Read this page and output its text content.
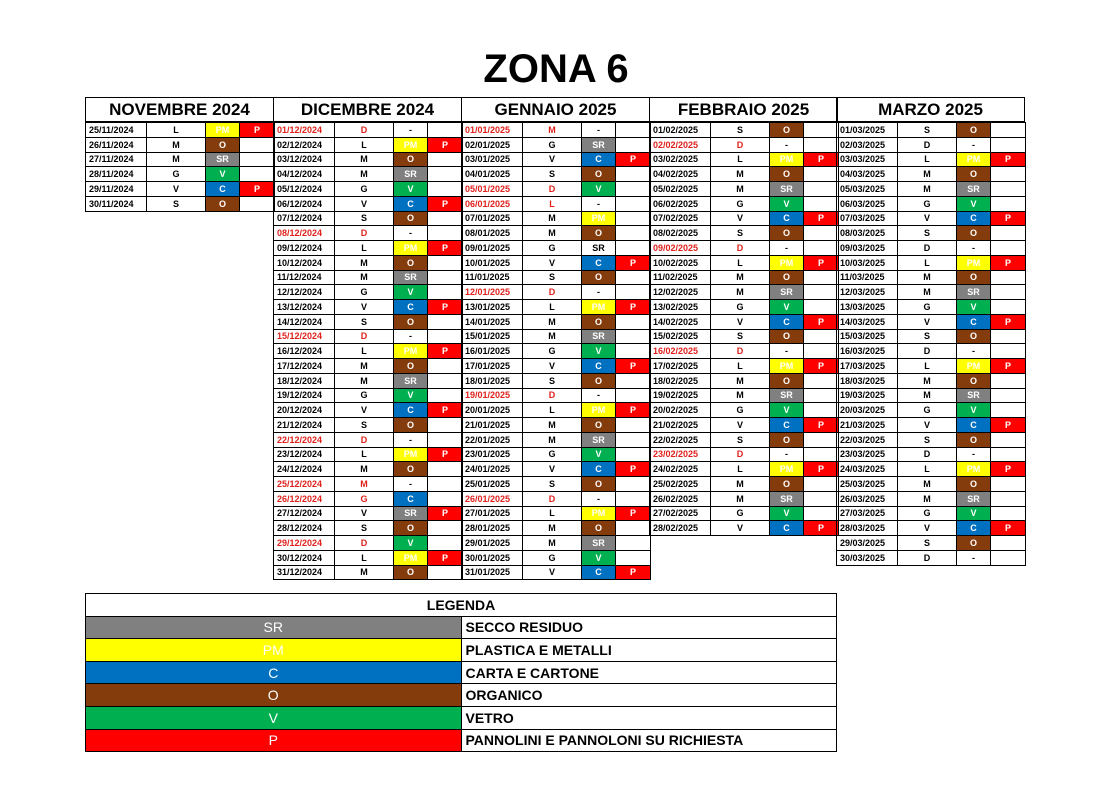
ZONA 6
NOVEMBRE 2024
25/11/2024	L	PM	P
26/11/2024	M	O	
27/11/2024	M	SR	
28/11/2024	G	V	
29/11/2024	V	C	P
30/11/2024	S	O	
DICEMBRE 2024
01/12/2024	D	-	
02/12/2024	L	PM	P
03/12/2024	M	O	
04/12/2024	M	SR	
05/12/2024	G	V	
06/12/2024	V	C	P
07/12/2024	S	O	
08/12/2024	D	-	
09/12/2024	L	PM	P
10/12/2024	M	O	
11/12/2024	M	SR	
12/12/2024	G	V	
13/12/2024	V	C	P
14/12/2024	S	O	
15/12/2024	D	-	
16/12/2024	L	PM	P
17/12/2024	M	O	
18/12/2024	M	SR	
19/12/2024	G	V	
20/12/2024	V	C	P
21/12/2024	S	O	
22/12/2024	D	-	
23/12/2024	L	PM	P
24/12/2024	M	O	
25/12/2024	M	-	
26/12/2024	G	C	
27/12/2024	V	SR	P
28/12/2024	S	O	
29/12/2024	D	V	
30/12/2024	L	PM	P
31/12/2024	M	O	
GENNAIO 2025
01/01/2025	M	-	
02/01/2025	G	SR	
03/01/2025	V	C	P
04/01/2025	S	O	
05/01/2025	D	V	
06/01/2025	L	-	
07/01/2025	M	PM	
08/01/2025	M	O	
09/01/2025	G	SR	
10/01/2025	V	C	P
11/01/2025	S	O	
12/01/2025	D	-	
13/01/2025	L	PM	P
14/01/2025	M	O	
15/01/2025	M	SR	
16/01/2025	G	V	
17/01/2025	V	C	P
18/01/2025	S	O	
19/01/2025	D	-	
20/01/2025	L	PM	P
21/01/2025	M	O	
22/01/2025	M	SR	
23/01/2025	G	V	
24/01/2025	V	C	P
25/01/2025	S	O	
26/01/2025	D	-	
27/01/2025	L	PM	P
28/01/2025	M	O	
29/01/2025	M	SR	
30/01/2025	G	V	
31/01/2025	V	C	P
FEBBRAIO 2025
01/02/2025	S	O	
02/02/2025	D	-	
03/02/2025	L	PM	P
04/02/2025	M	O	
05/02/2025	M	SR	
06/02/2025	G	V	
07/02/2025	V	C	P
08/02/2025	S	O	
09/02/2025	D	-	
10/02/2025	L	PM	P
11/02/2025	M	O	
12/02/2025	M	SR	
13/02/2025	G	V	
14/02/2025	V	C	P
15/02/2025	S	O	
16/02/2025	D	-	
17/02/2025	L	PM	P
18/02/2025	M	O	
19/02/2025	M	SR	
20/02/2025	G	V	
21/02/2025	V	C	P
22/02/2025	S	O	
23/02/2025	D	-	
24/02/2025	L	PM	P
25/02/2025	M	O	
26/02/2025	M	SR	
27/02/2025	G	V	
28/02/2025	V	C	P
MARZO 2025
01/03/2025	S	O	
02/03/2025	D	-	
03/03/2025	L	PM	P
04/03/2025	M	O	
05/03/2025	M	SR	
06/03/2025	G	V	
07/03/2025	V	C	P
08/03/2025	S	O	
09/03/2025	D	-	
10/03/2025	L	PM	P
11/03/2025	M	O	
12/03/2025	M	SR	
13/03/2025	G	V	
14/03/2025	V	C	P
15/03/2025	S	O	
16/03/2025	D	-	
17/03/2025	L	PM	P
18/03/2025	M	O	
19/03/2025	M	SR	
20/03/2025	G	V	
21/03/2025	V	C	P
22/03/2025	S	O	
23/03/2025	D	-	
24/03/2025	L	PM	P
25/03/2025	M	O	
26/03/2025	M	SR	
27/03/2025	G	V	
28/03/2025	V	C	P
29/03/2025	S	O	
30/03/2025	D	-	
LEGENDA	
SR	SECCO RESIDUO
PM	PLASTICA E METALLI
C	CARTA E CARTONE
O	ORGANICO
V	VETRO
P	PANNOLINI E PANNOLONI SU RICHIESTA
